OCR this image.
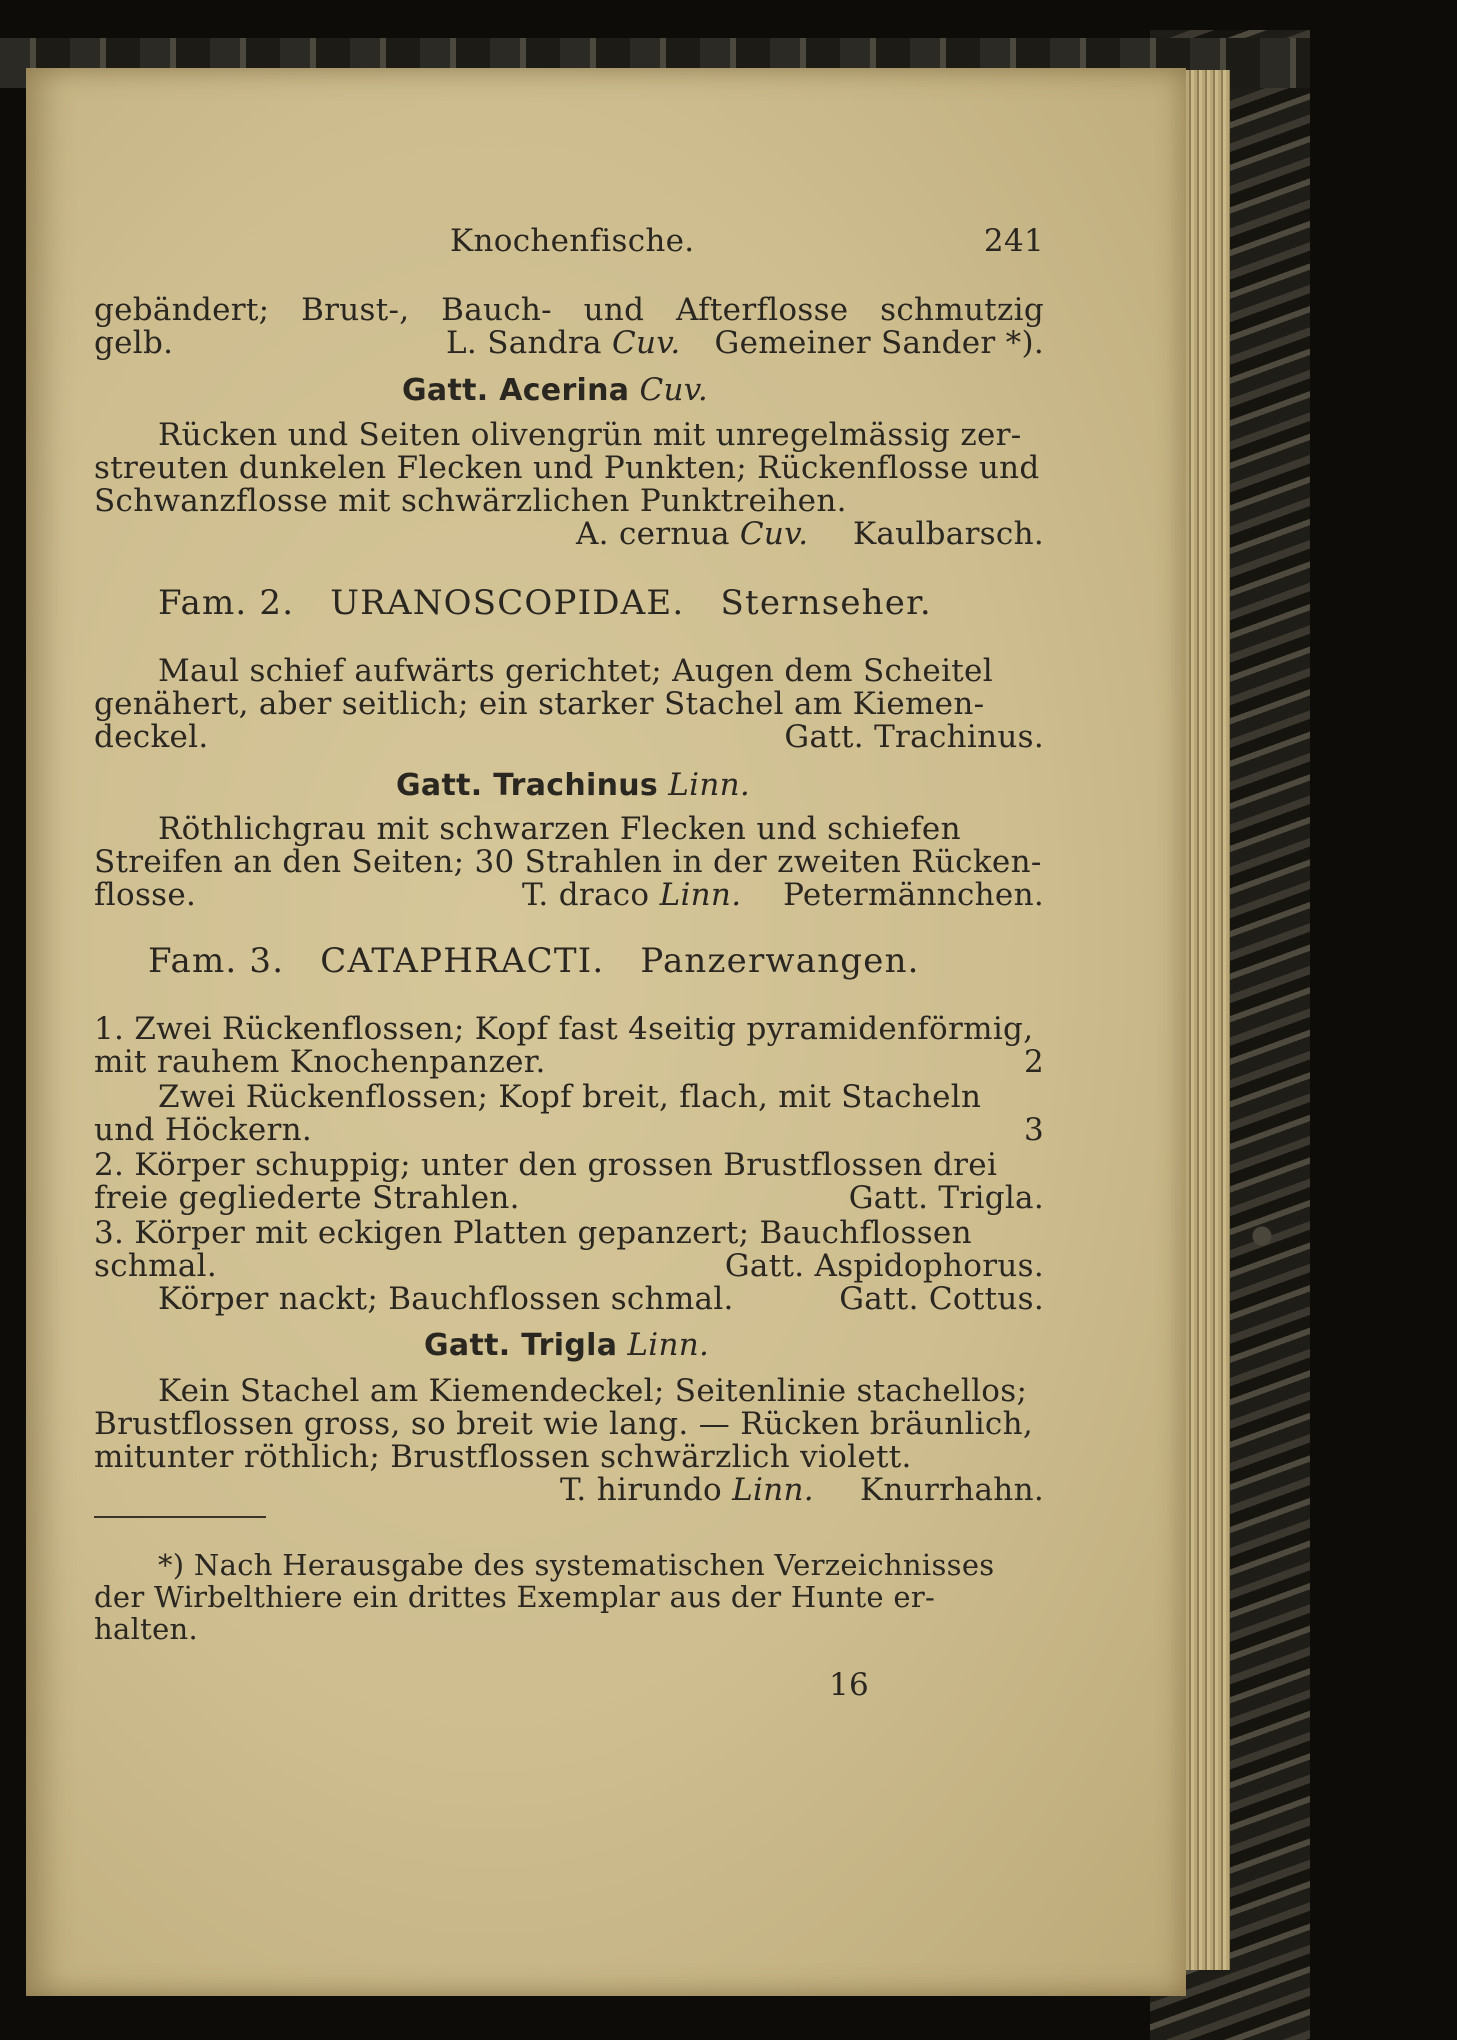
Knochenfische.	241
gebändert; Brust-, Bauch- und Afterflosse schmutzig
gelb.	L. Sandra Cuv. Gemeiner Sander *).
Gatt. Acerina Cuv.
Rücken und Seiten olivengrün mit unregelmässig zer-
streuten dunkelen Flecken und Punkten; Rückenflosse und
Schwanzflosse mit schwärzlichen Punktreihen.
A. cernua Cuv. Kaulbarsch.
Fam. 2. URANOSCOPIDAE. Sternseher.
Maul schief aufwärts gerichtet; Augen dem Scheitel
genähert, aber seitlich; ein starker Stachel am Kiemen-
deckel.	Gatt. Trachinus.
Gatt. Trachinus Linn.
Röthlichgrau mit schwarzen Flecken und schiefen
Streifen an den Seiten; 30 Strahlen in der zweiten Rücken-
flosse.	T. draco Linn. Petermännchen.
Fam. 3. CATAPHRACTI. Panzerwangen.
1. Zwei Rückenflossen; Kopf fast 4seitig pyramidenförmig,
mit rauhem Knochenpanzer.	2
Zwei Rückenflossen; Kopf breit, flach, mit Stacheln
und Höckern.	3
2. Körper schuppig; unter den grossen Brustflossen drei
freie gegliederte Strahlen.	Gatt. Trigla.
3. Körper mit eckigen Platten gepanzert; Bauchflossen
schmal.	Gatt. Aspidophorus.
Körper nackt; Bauchflossen schmal.	Gatt. Cottus.
Gatt. Trigla Linn.
Kein Stachel am Kiemendeckel; Seitenlinie stachellos;
Brustflossen gross, so breit wie lang. — Rücken bräunlich,
mitunter röthlich; Brustflossen schwärzlich violett.
T. hirundo Linn. Knurrhahn.
*) Nach Herausgabe des systematischen Verzeichnisses
der Wirbelthiere ein drittes Exemplar aus der Hunte er-
halten.
16
